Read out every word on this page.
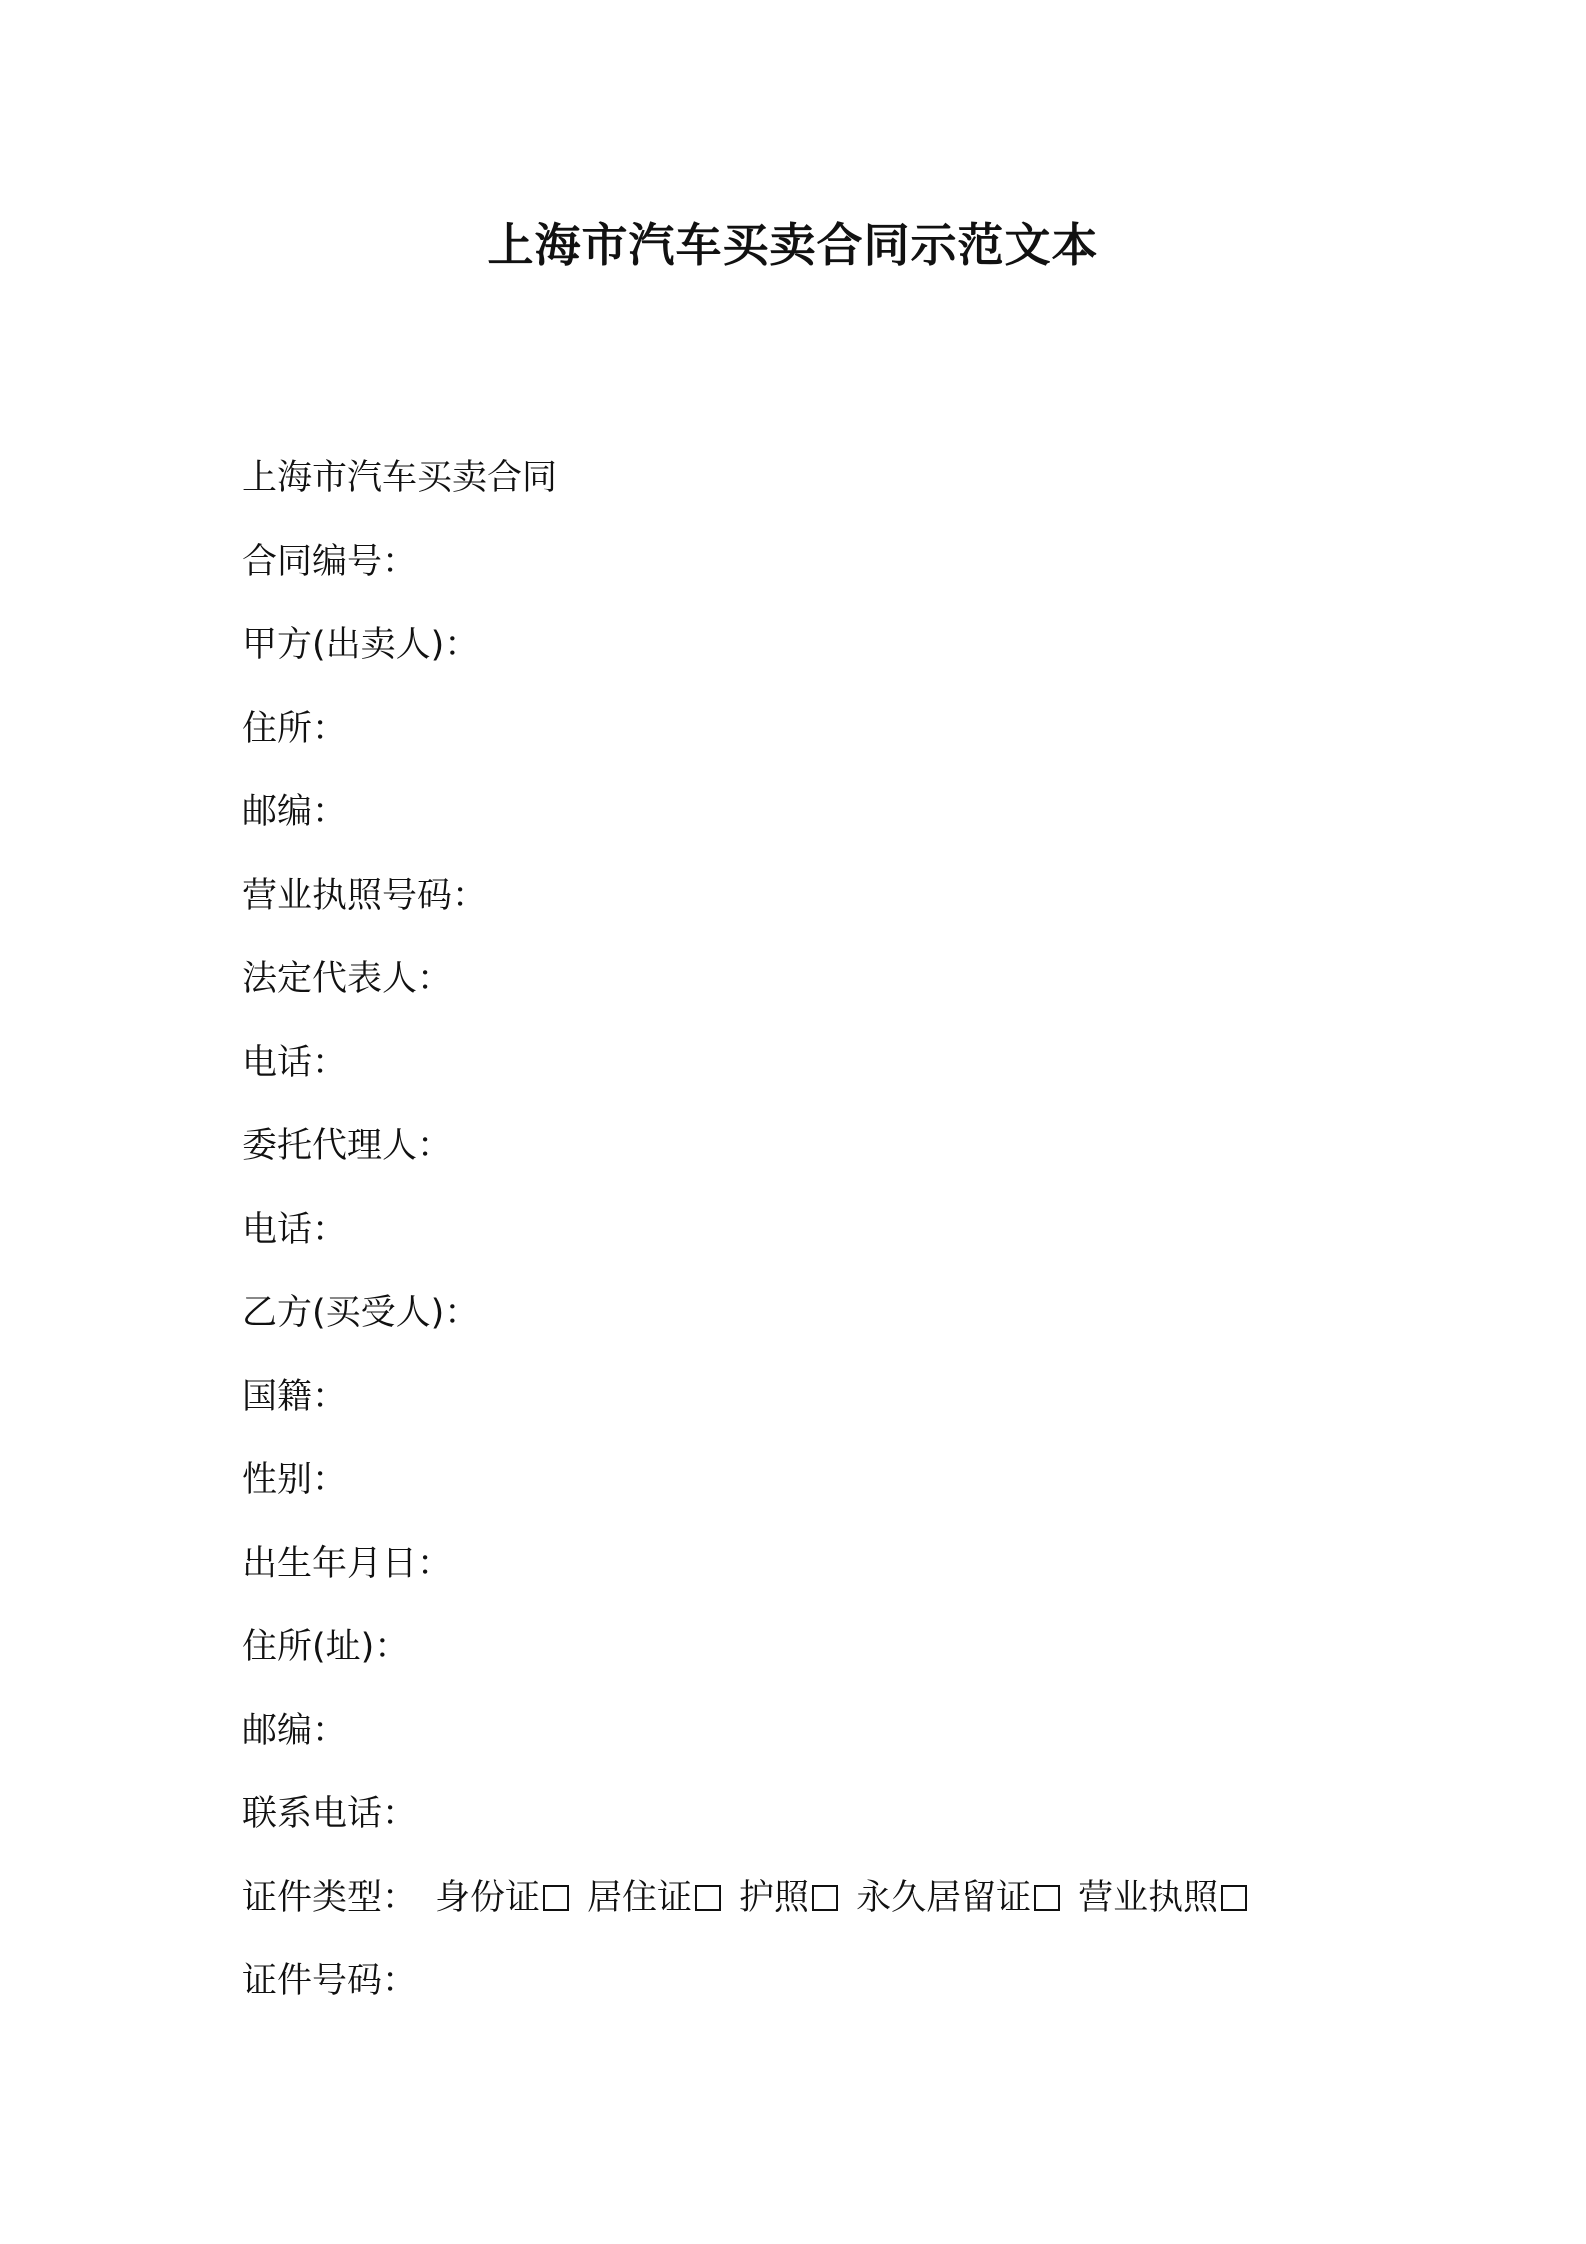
上海市汽车买卖合同示范文本
上海市汽车买卖合同
合同编号：
甲方(出卖人)：
住所：
邮编：
营业执照号码：
法定代表人：
电话：
委托代理人：
电话：
乙方(买受人)：
国籍：
性别：
出生年月日：
住所(址)：
邮编：
联系电话：
证件类型： 身份证 居住证 护照 永久居留证 营业执照
证件号码：
